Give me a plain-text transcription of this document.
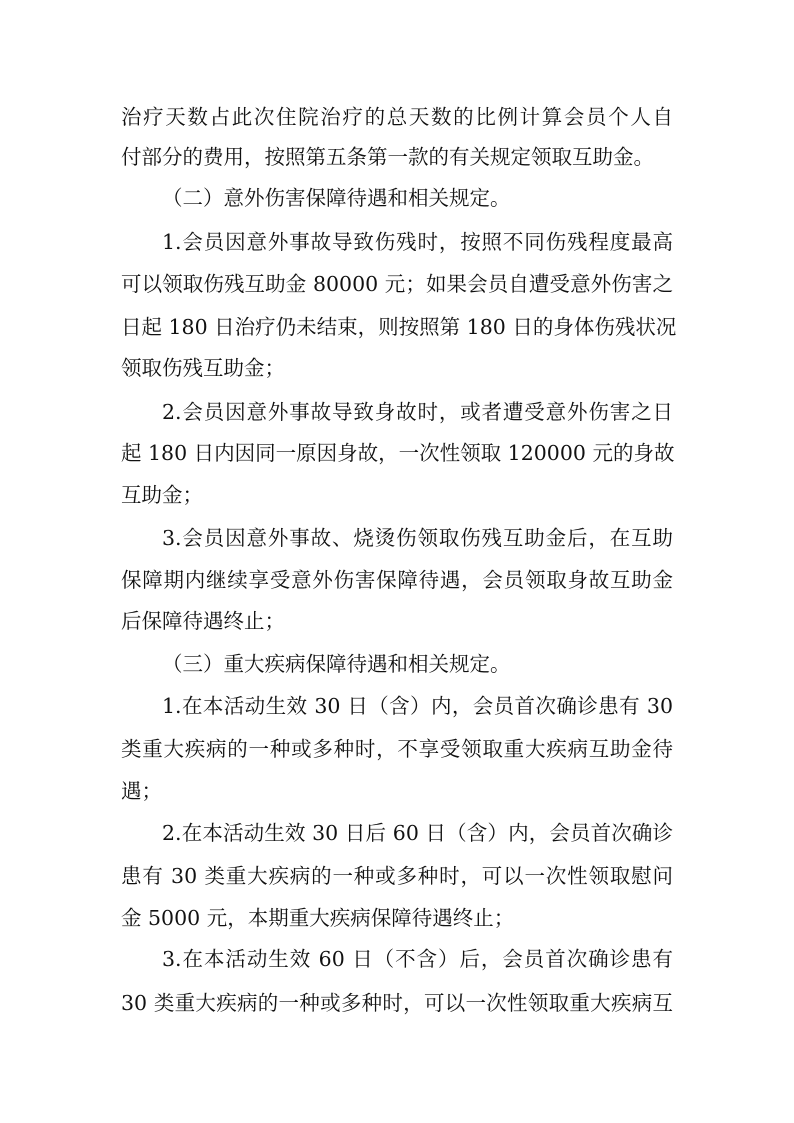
治疗天数占此次住院治疗的总天数的比例计算会员个人自
付部分的费用，按照第五条第一款的有关规定领取互助金。
（二）意外伤害保障待遇和相关规定。
1.会员因意外事故导致伤残时，按照不同伤残程度最高
可以领取伤残互助金 80000 元；如果会员自遭受意外伤害之
日起 180 日治疗仍未结束，则按照第 180 日的身体伤残状况
领取伤残互助金；
2.会员因意外事故导致身故时，或者遭受意外伤害之日
起 180 日内因同一原因身故，一次性领取 120000 元的身故
互助金；
3.会员因意外事故、烧烫伤领取伤残互助金后，在互助
保障期内继续享受意外伤害保障待遇，会员领取身故互助金
后保障待遇终止；
（三）重大疾病保障待遇和相关规定。
1.在本活动生效 30 日（含）内，会员首次确诊患有 30
类重大疾病的一种或多种时，不享受领取重大疾病互助金待
遇；
2.在本活动生效 30 日后 60 日（含）内，会员首次确诊
患有 30 类重大疾病的一种或多种时，可以一次性领取慰问
金 5000 元，本期重大疾病保障待遇终止；
3.在本活动生效 60 日（不含）后，会员首次确诊患有
30 类重大疾病的一种或多种时，可以一次性领取重大疾病互
